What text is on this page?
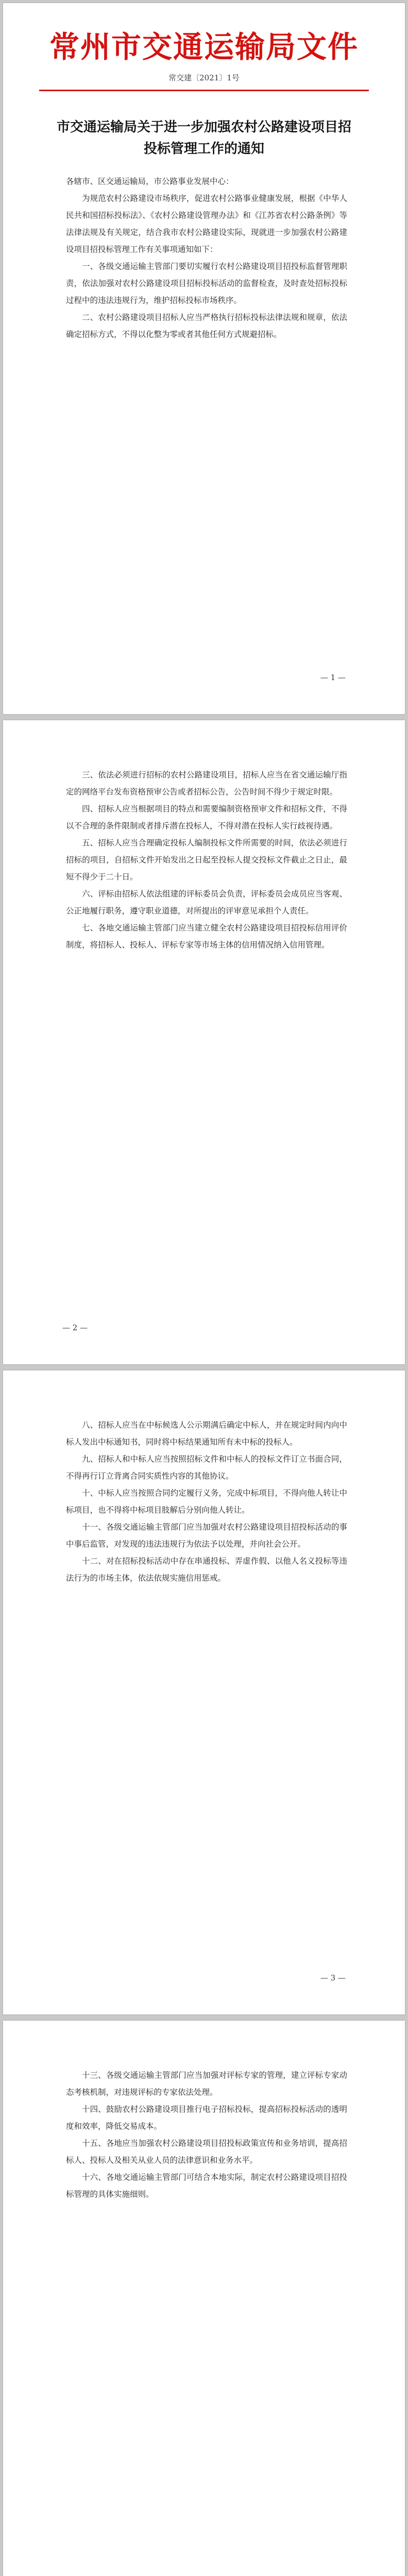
常州市交通运输局文件
常交建〔2021〕1号
市交通运输局关于进一步加强农村公路建设项目招投标管理工作的通知

各辖市、区交通运输局，市公路事业发展中心：

为规范农村公路建设市场秩序，促进农村公路事业健康发展，根据《中华人民共和国招标投标法》、《农村公路建设管理办法》和《江苏省农村公路条例》等法律法规及有关规定，结合我市农村公路建设实际，现就进一步加强农村公路建设项目招投标管理工作有关事项通知如下：

一、各级交通运输主管部门要切实履行农村公路建设项目招投标监督管理职责，依法加强对农村公路建设项目招标投标活动的监督检查，及时查处招标投标过程中的违法违规行为，维护招标投标市场秩序。

二、农村公路建设项目招标人应当严格执行招标投标法律法规和规章，依法确定招标方式，不得以化整为零或者其他任何方式规避招标。

— 1 —

三、依法必须进行招标的农村公路建设项目，招标人应当在省交通运输厅指定的网络平台发布资格预审公告或者招标公告，公告时间不得少于规定时限。

四、招标人应当根据项目的特点和需要编制资格预审文件和招标文件，不得以不合理的条件限制或者排斥潜在投标人，不得对潜在投标人实行歧视待遇。

五、招标人应当合理确定投标人编制投标文件所需要的时间，依法必须进行招标的项目，自招标文件开始发出之日起至投标人提交投标文件截止之日止，最短不得少于二十日。

六、评标由招标人依法组建的评标委员会负责，评标委员会成员应当客观、公正地履行职务，遵守职业道德，对所提出的评审意见承担个人责任。

七、各地交通运输主管部门应当建立健全农村公路建设项目招投标信用评价制度，将招标人、投标人、评标专家等市场主体的信用情况纳入信用管理。

— 2 —

八、招标人应当在中标候选人公示期满后确定中标人，并在规定时间内向中标人发出中标通知书，同时将中标结果通知所有未中标的投标人。

九、招标人和中标人应当按照招标文件和中标人的投标文件订立书面合同，不得再行订立背离合同实质性内容的其他协议。

十、中标人应当按照合同约定履行义务，完成中标项目，不得向他人转让中标项目，也不得将中标项目肢解后分别向他人转让。

十一、各级交通运输主管部门应当加强对农村公路建设项目招投标活动的事中事后监管，对发现的违法违规行为依法予以处理，并向社会公开。

十二、对在招标投标活动中存在串通投标、弄虚作假、以他人名义投标等违法行为的市场主体，依法依规实施信用惩戒。

— 3 —

十三、各级交通运输主管部门应当加强对评标专家的管理，建立评标专家动态考核机制，对违规评标的专家依法处理。

十四、鼓励农村公路建设项目推行电子招标投标，提高招标投标活动的透明度和效率，降低交易成本。

十五、各地应当加强农村公路建设项目招投标政策宣传和业务培训，提高招标人、投标人及相关从业人员的法律意识和业务水平。

十六、各地交通运输主管部门可结合本地实际，制定农村公路建设项目招投标管理的具体实施细则。
